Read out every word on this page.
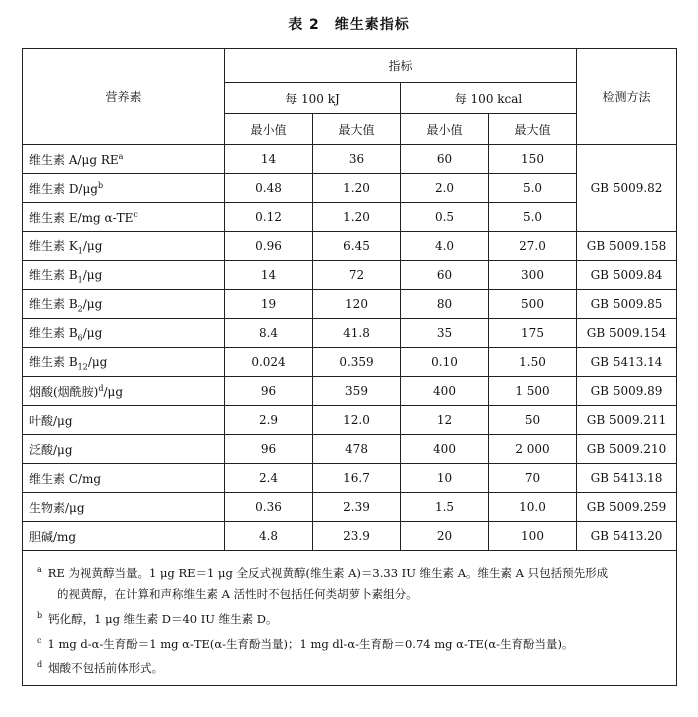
表 2　维生素指标
营养素	指标				检测方法
	每 100 kJ		每 100 kcal		
	最小值	最大值	最小值	最大值	
维生素 A/μg $RE^a$	14	36	60	150	GB 5009.82
维生素 $D/\mu g^b$	0.48	1.20	2.0	5.0	
维生素 E/mg $\alpha-TE^c$	0.12	1.20	0.5	5.0	
维生素 $K_1/\mu g$	0.96	6.45	4.0	27.0	GB 5009.158
维生素 $B_1/\mu g$	14	72	60	300	GB 5009.84
维生素 $B_2/\mu g$	19	120	80	500	GB 5009.85
维生素 $B_6/\mu g$	8.4	41.8	35	175	GB 5009.154
维生素 $B_{12}/\mu g$	0.024	0.359	0.10	1.50	GB 5413.14
烟酸(烟酰胺)$^d$/μg	96	359	400	1 500	GB 5009.89
叶酸/μg	2.9	12.0	12	50	GB 5009.211
泛酸/μg	96	478	400	2 000	GB 5009.210
维生素 C/mg	2.4	16.7	10	70	GB 5413.18
生物素/μg	0.36	2.39	1.5	10.0	GB 5009.259
胆碱/mg	4.8	23.9	20	100	GB 5413.20

$^a$ RE 为视黄醇当量。1 μg RE＝1 μg 全反式视黄醇(维生素 A)＝3.33 IU 维生素 A。维生素 A 只包括预先形成
的视黄醇，在计算和声称维生素 A 活性时不包括任何类胡萝卜素组分。
$^b$ 钙化醇，1 μg 维生素 D＝40 IU 维生素 D。
$^c$ 1 mg d-α-生育酚＝1 mg α-TE(α-生育酚当量)；1 mg dl-α-生育酚＝0.74 mg α-TE(α-生育酚当量)。
$^d$ 烟酸不包括前体形式。					
